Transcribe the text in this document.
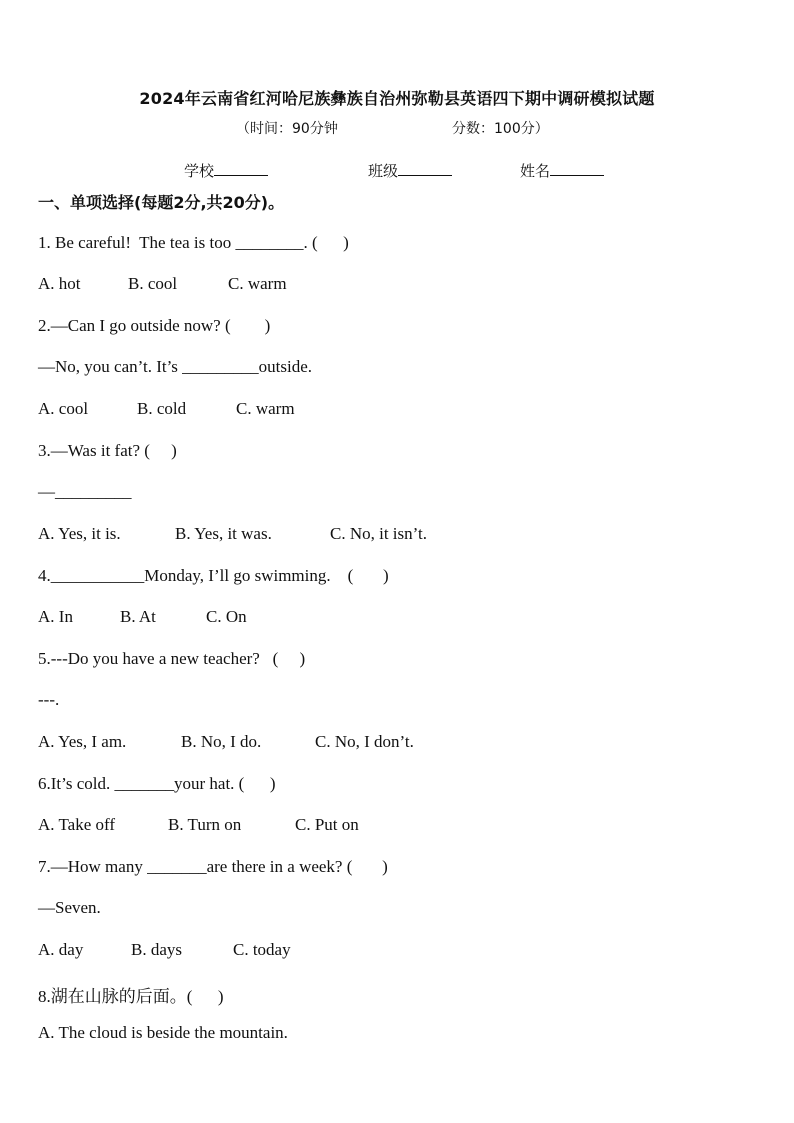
2024年云南省红河哈尼族彝族自治州弥勒县英语四下期中调研模拟试题
（时间：90分钟	分数：100分）
学校	班级	姓名
一、单项选择(每题2分,共20分)。
1. Be careful!  The tea is too ________. (      )
A. hot	B. cool	C. warm
2.—Can I go outside now? (        )
—No, you can’t. It’s _________outside.
A. cool	B. cold	C. warm
3.—Was it fat? (     )
—_________
A. Yes, it is.	B. Yes, it was.	C. No, it isn’t.
4.___________Monday, I’ll go swimming.    (       )
A. In	B. At	C. On
5.---Do you have a new teacher?   (     )
---.
A. Yes, I am.	B. No, I do.	C. No, I don’t.
6.It’s cold. _______your hat. (      )
A. Take off	B. Turn on	C. Put on
7.—How many _______are there in a week? (       )
—Seven.
A. day	B. days	C. today
8.湖在山脉的后面。(      )
A. The cloud is beside the mountain.
